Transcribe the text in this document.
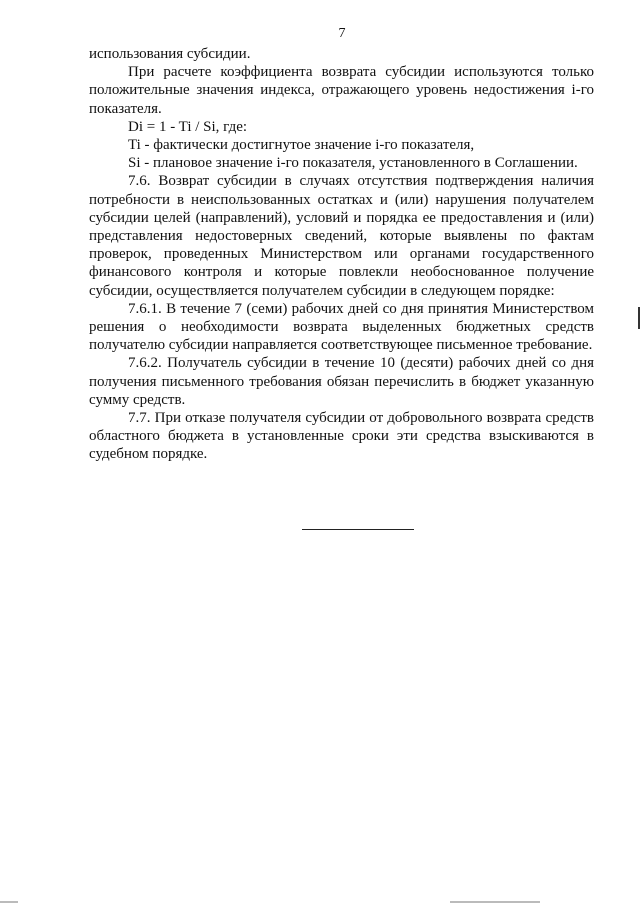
7

использования субсидии.

При расчете коэффициента возврата субсидии используются только положительные значения индекса, отражающего уровень недостижения i-го показателя.

Di = 1 - Ti / Si, где:

Ti - фактически достигнутое значение i-го показателя,

Si - плановое значение i-го показателя, установленного в Соглашении.

7.6. Возврат субсидии в случаях отсутствия подтверждения наличия потребности в неиспользованных остатках и (или) нарушения получателем субсидии целей (направлений), условий и порядка ее предоставления и (или) представления недостоверных сведений, которые выявлены по фактам проверок, проведенных Министерством или органами государственного финансового контроля и которые повлекли необоснованное получение субсидии, осуществляется получателем субсидии в следующем порядке:

7.6.1. В течение 7 (семи) рабочих дней со дня принятия Министерством решения о необходимости возврата выделенных бюджетных средств получателю субсидии направляется соответствующее письменное требование.

7.6.2. Получатель субсидии в течение 10 (десяти) рабочих дней со дня получения письменного требования обязан перечислить в бюджет указанную сумму средств.

7.7. При отказе получателя субсидии от добровольного возврата средств областного бюджета в установленные сроки эти средства взыскиваются в судебном порядке.
